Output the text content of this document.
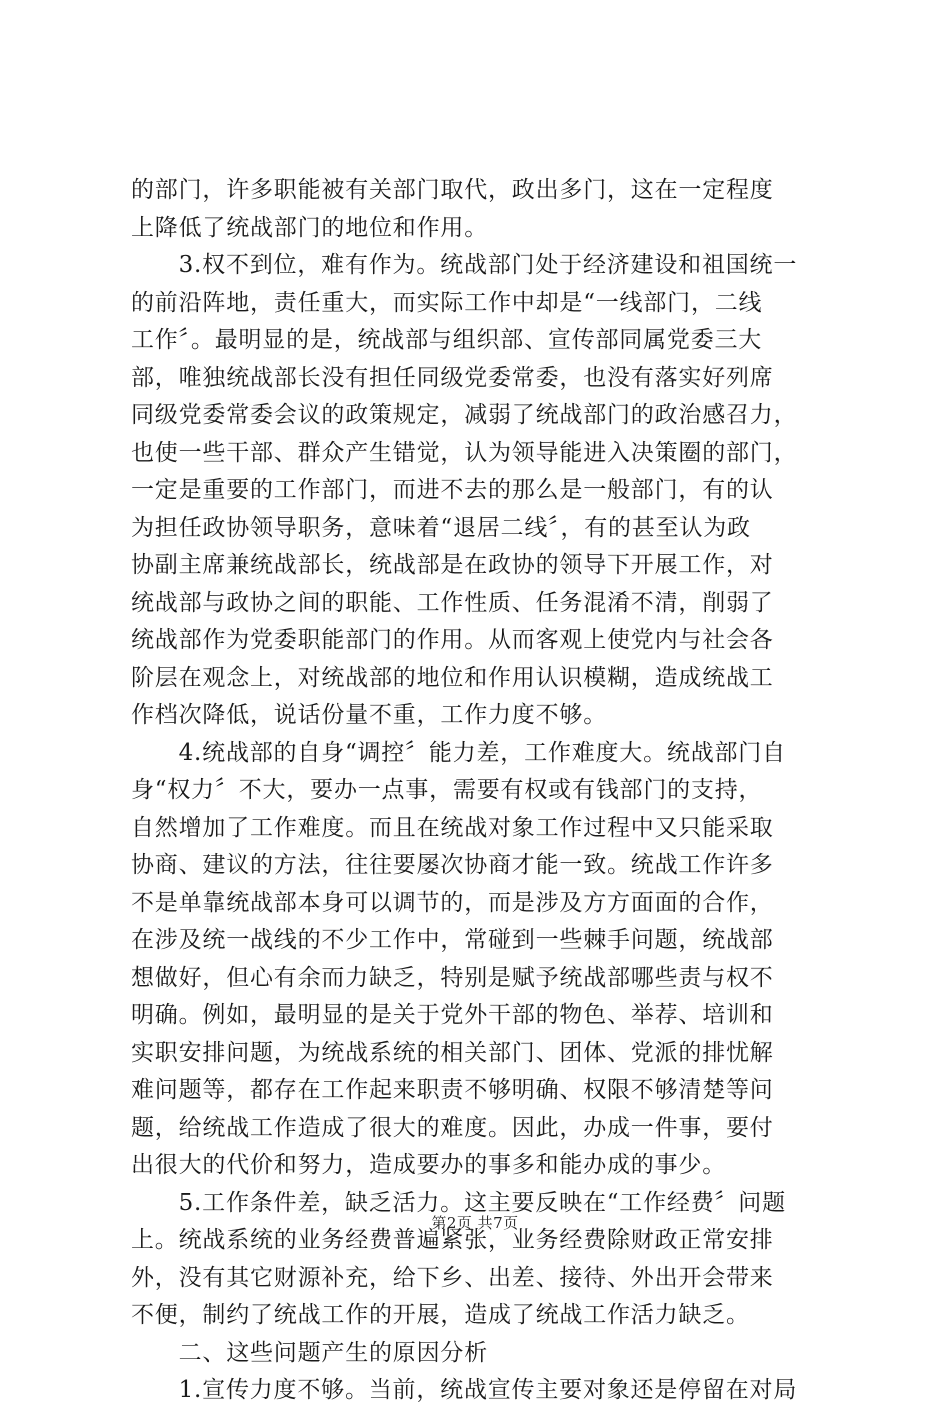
的部门，许多职能被有关部门取代，政出多门，这在一定程度
上降低了统战部门的地位和作用。
　　3.权不到位，难有作为。统战部门处于经济建设和祖国统一
的前沿阵地，责任重大，而实际工作中却是“一线部门，二线
工作〞。最明显的是，统战部与组织部、宣传部同属党委三大
部，唯独统战部长没有担任同级党委常委，也没有落实好列席
同级党委常委会议的政策规定，减弱了统战部门的政治感召力，
也使一些干部、群众产生错觉，认为领导能进入决策圈的部门，
一定是重要的工作部门，而进不去的那么是一般部门，有的认
为担任政协领导职务，意味着“退居二线〞，有的甚至认为政
协副主席兼统战部长，统战部是在政协的领导下开展工作，对
统战部与政协之间的职能、工作性质、任务混淆不清，削弱了
统战部作为党委职能部门的作用。从而客观上使党内与社会各
阶层在观念上，对统战部的地位和作用认识模糊，造成统战工
作档次降低，说话份量不重，工作力度不够。
　　4.统战部的自身“调控〞能力差，工作难度大。统战部门自
身“权力〞不大，要办一点事，需要有权或有钱部门的支持，
自然增加了工作难度。而且在统战对象工作过程中又只能采取
协商、建议的方法，往往要屡次协商才能一致。统战工作许多
不是单靠统战部本身可以调节的，而是涉及方方面面的合作，
在涉及统一战线的不少工作中，常碰到一些棘手问题，统战部
想做好，但心有余而力缺乏，特别是赋予统战部哪些责与权不
明确。例如，最明显的是关于党外干部的物色、举荐、培训和
实职安排问题，为统战系统的相关部门、团体、党派的排忧解
难问题等，都存在工作起来职责不够明确、权限不够清楚等问
题，给统战工作造成了很大的难度。因此，办成一件事，要付
出很大的代价和努力，造成要办的事多和能办成的事少。
　　5.工作条件差，缺乏活力。这主要反映在“工作经费〞问题
上。统战系统的业务经费普遍紧张，业务经费除财政正常安排
外，没有其它财源补充，给下乡、出差、接待、外出开会带来
不便，制约了统战工作的开展，造成了统战工作活力缺乏。
　　二、这些问题产生的原因分析
　　1.宣传力度不够。当前，统战宣传主要对象还是停留在对局
第2页 共7页
